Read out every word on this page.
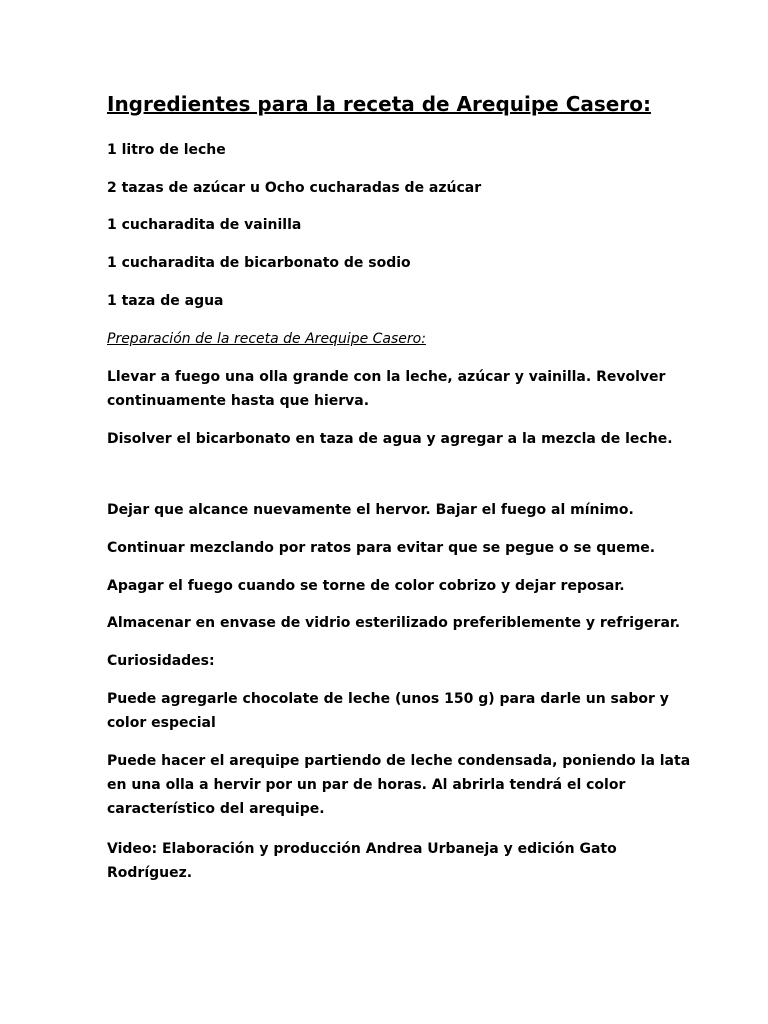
Ingredientes para la receta de Arequipe Casero:

1 litro de leche

2 tazas de azúcar u Ocho cucharadas de azúcar

1 cucharadita de vainilla

1 cucharadita de bicarbonato de sodio

1 taza de agua

Preparación de la receta de Arequipe Casero:

Llevar a fuego una olla grande con la leche, azúcar y vainilla. Revolver
continuamente hasta que hierva.

Disolver el bicarbonato en taza de agua y agregar a la mezcla de leche.

Dejar que alcance nuevamente el hervor. Bajar el fuego al mínimo.

Continuar mezclando por ratos para evitar que se pegue o se queme.

Apagar el fuego cuando se torne de color cobrizo y dejar reposar.

Almacenar en envase de vidrio esterilizado preferiblemente y refrigerar.

Curiosidades:

Puede agregarle chocolate de leche (unos 150 g) para darle un sabor y
color especial

Puede hacer el arequipe partiendo de leche condensada, poniendo la lata
en una olla a hervir por un par de horas. Al abrirla tendrá el color
característico del arequipe.

Video: Elaboración y producción Andrea Urbaneja y edición Gato
Rodríguez.
